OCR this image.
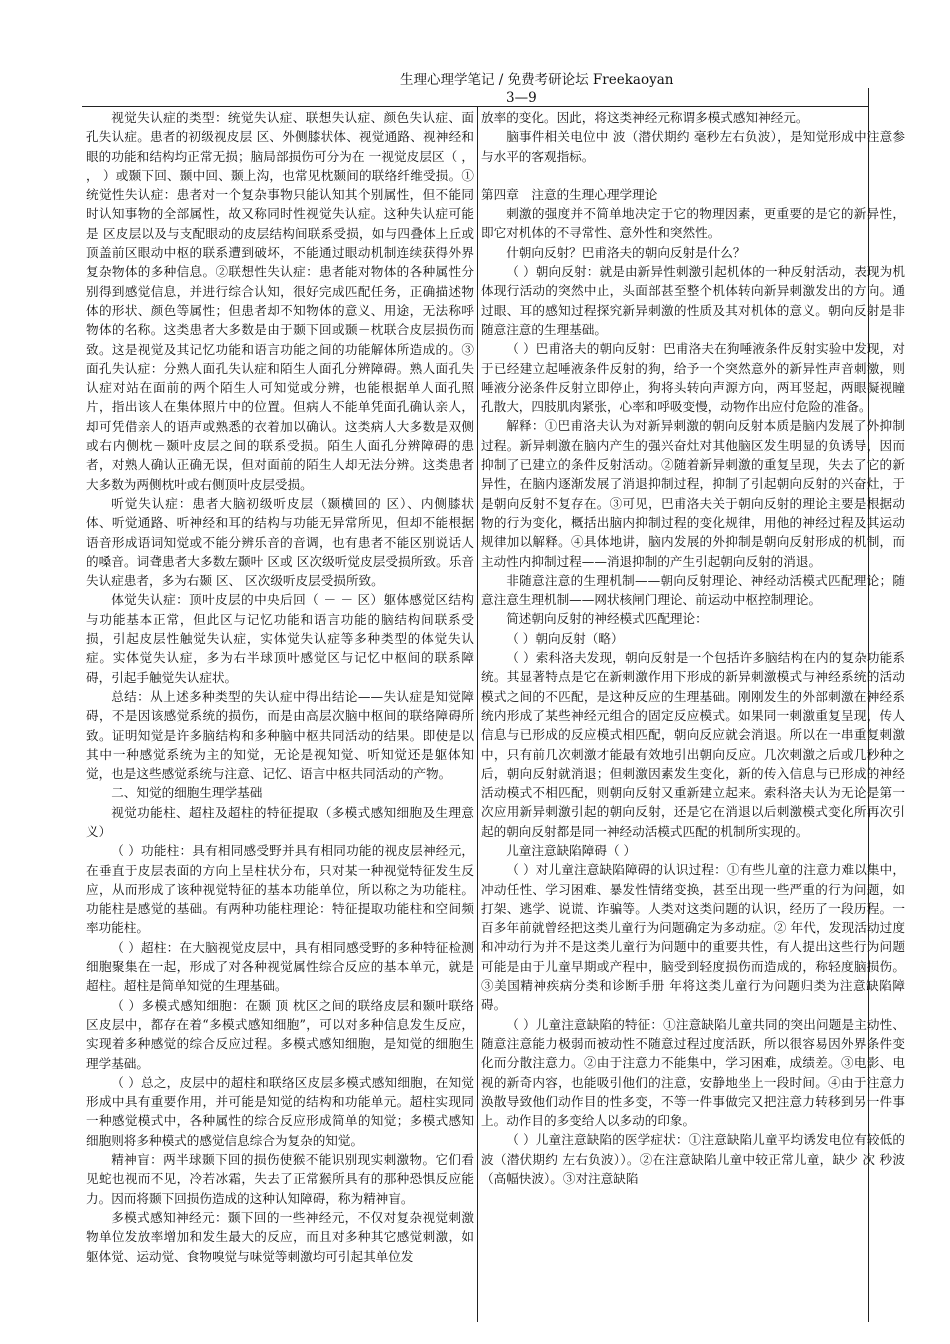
生理心理学笔记 / 免费考研论坛 Freekaoyan
3—9

视觉失认症的类型：统觉失认症、联想失认症、颜色失认症、面孔失认症。患者的初级视皮层 区、外侧膝状体、视觉通路、视神经和眼的功能和结构均正常无损；脑局部损伤可分为在 一视觉皮层区（ ， ， ）或颞下回、颞中回、颞上沟，也常见枕颞间的联络纤维受损。①统觉性失认症：患者对一个复杂事物只能认知其个别属性，但不能同时认知事物的全部属性，故又称同时性视觉失认症。这种失认症可能是 区皮层以及与支配眼动的皮层结构间联系受损，如与四叠体上丘或顶盖前区眼动中枢的联系遭到破坏，不能通过眼动机制连续获得外界复杂物体的多种信息。②联想性失认症：患者能对物体的各种属性分别得到感觉信息，并进行综合认知，很好完成匹配任务，正确描述物体的形状、颜色等属性；但患者却不知物体的意义、用途，无法称呼物体的名称。这类患者大多数是由于颞下回或颞－枕联合皮层损伤而致。这是视觉及其记忆功能和语言功能之间的功能解体所造成的。③面孔失认症：分熟人面孔失认症和陌生人面孔分辨障碍。熟人面孔失认症对站在面前的两个陌生人可知觉或分辨，也能根据单人面孔照片，指出该人在集体照片中的位置。但病人不能单凭面孔确认亲人，却可凭借亲人的语声或熟悉的衣着加以确认。这类病人大多数是双侧或右内侧枕－颞叶皮层之间的联系受损。陌生人面孔分辨障碍的患者，对熟人确认正确无误，但对面前的陌生人却无法分辨。这类患者大多数为两侧枕叶或右侧顶叶皮层受损。

听觉失认症：患者大脑初级听皮层（颞横回的 区）、内侧膝状体、听觉通路、听神经和耳的结构与功能无异常所见，但却不能根据语音形成语词知觉或不能分辨乐音的音调，也有患者不能区别说话人的嗓音。词聋患者大多数左颞叶 区或 区次级听觉皮层受损所致。乐音失认症患者，多为右颞 区、 区次级听皮层受损所致。

体觉失认症：顶叶皮层的中央后回（ － － 区）躯体感觉区结构与功能基本正常，但此区与记忆功能和语言功能的脑结构间联系受损，引起皮层性触觉失认症，实体觉失认症等多种类型的体觉失认症。实体觉失认症，多为右半球顶叶感觉区与记忆中枢间的联系障碍，引起手触觉失认症状。

总结：从上述多种类型的失认症中得出结论——失认症是知觉障碍，不是因该感觉系统的损伤，而是由高层次脑中枢间的联络障碍所致。证明知觉是许多脑结构和多种脑中枢共同活动的结果。即使是以其中一种感觉系统为主的知觉，无论是视知觉、听知觉还是躯体知觉，也是这些感觉系统与注意、记忆、语言中枢共同活动的产物。

二、知觉的细胞生理学基础

视觉功能柱、超柱及超柱的特征提取（多模式感知细胞及生理意义）

（ ）功能柱：具有相同感受野并具有相同功能的视皮层神经元，在垂直于皮层表面的方向上呈柱状分布，只对某一种视觉特征发生反应，从而形成了该种视觉特征的基本功能单位，所以称之为功能柱。功能柱是感觉的基础。有两种功能柱理论：特征提取功能柱和空间频率功能柱。

（ ）超柱：在大脑视觉皮层中，具有相同感受野的多种特征检测细胞聚集在一起，形成了对各种视觉属性综合反应的基本单元，就是超柱。超柱是简单知觉的生理基础。

（ ）多模式感知细胞：在颞 顶 枕区之间的联络皮层和颞叶联络区皮层中，都存在着“多模式感知细胞”，可以对多种信息发生反应，实现着多种感觉的综合反应过程。多模式感知细胞，是知觉的细胞生理学基础。

（ ）总之，皮层中的超柱和联络区皮层多模式感知细胞，在知觉形成中具有重要作用，并可能是知觉的结构和功能单元。超柱实现同一种感觉模式中，各种属性的综合反应形成简单的知觉；多模式感知细胞则将多种模式的感觉信息综合为复杂的知觉。

精神盲：两半球颞下回的损伤使猴不能识别现实刺激物。它们看见蛇也视而不见，冷若冰霜，失去了正常猴所具有的那种恐惧反应能力。因而将颞下回损伤造成的这种认知障碍，称为精神盲。

多模式感知神经元：颞下回的一些神经元，不仅对复杂视觉刺激物单位发放率增加和发生最大的反应，而且对多种其它感觉刺激，如躯体觉、运动觉、食物嗅觉与味觉等刺激均可引起其单位发

放率的变化。因此，将这类神经元称谓多模式感知神经元。

脑事件相关电位中 波（潜伏期约 毫秒左右负波），是知觉形成中注意参与水平的客观指标。

第四章　注意的生理心理学理论

刺激的强度并不简单地决定于它的物理因素，更重要的是它的新异性，即它对机体的不寻常性、意外性和突然性。

什朝向反射？巴甫洛夫的朝向反射是什么？

（ ）朝向反射：就是由新异性刺激引起机体的一种反射活动，表现为机体现行活动的突然中止，头面部甚至整个机体转向新异刺激发出的方向。通过眼、耳的感知过程探究新异刺激的性质及其对机体的意义。朝向反射是非随意注意的生理基础。

（ ）巴甫洛夫的朝向反射：巴甫洛夫在狗唾液条件反射实验中发现，对于已经建立起唾液条件反射的狗，给予一个突然意外的新异性声音刺激，则唾液分泌条件反射立即停止，狗将头转向声源方向，两耳竖起，两眼凝视瞳孔散大，四肢肌肉紧张，心率和呼吸变慢，动物作出应付危险的准备。

解释：①巴甫洛夫认为对新异刺激的朝向反射本质是脑内发展了外抑制过程。新异刺激在脑内产生的强兴奋灶对其他脑区发生明显的负诱导，因而抑制了已建立的条件反射活动。②随着新异刺激的重复呈现，失去了它的新异性，在脑内逐渐发展了消退抑制过程，抑制了引起朝向反射的兴奋灶，于是朝向反射不复存在。③可见，巴甫洛夫关于朝向反射的理论主要是根据动物的行为变化，概括出脑内抑制过程的变化规律，用他的神经过程及其运动规律加以解释。④具体地讲，脑内发展的外抑制是朝向反射形成的机制，而主动性内抑制过程——消退抑制的产生引起朝向反射的消退。

非随意注意的生理机制——朝向反射理论、神经动活模式匹配理论；随意注意生理机制——网状核闸门理论、前运动中枢控制理论。

简述朝向反射的神经模式匹配理论：

（ ）朝向反射（略）

（ ）索科洛夫发现，朝向反射是一个包括许多脑结构在内的复杂功能系统。其显著特点是它在新刺激作用下形成的新异刺激模式与神经系统的活动模式之间的不匹配，是这种反应的生理基础。刚刚发生的外部刺激在神经系统内形成了某些神经元组合的固定反应模式。如果同一刺激重复呈现，传人信息与已形成的反应模式相匹配，朝向反应就会消退。所以在一串重复刺激中，只有前几次刺激才能最有效地引出朝向反应。几次刺激之后或几秒种之后，朝向反射就消退；但刺激因素发生变化，新的传入信息与已形成的神经活动模式不相匹配，则朝向反射又重新建立起来。索科洛夫认为无论是第一次应用新异刺激引起的朝向反射，还是它在消退以后刺激模式变化所再次引起的朝向反射都是同一神经动活模式匹配的机制所实现的。

儿童注意缺陷障碍（ ）

（ ）对儿童注意缺陷障碍的认识过程：①有些儿童的注意力难以集中，冲动任性、学习困难、暴发性情绪变换，甚至出现一些严重的行为问题，如打架、逃学、说谎、诈骗等。人类对这类问题的认识，经历了一段历程。一百多年前就曾经把这类儿童行为问题确定为多动症。② 年代，发现活动过度和冲动行为并不是这类儿童行为问题中的重要共性，有人提出这些行为问题可能是由于儿童早期或产程中，脑受到轻度损伤而造成的，称轻度脑损伤。③美国精神疾病分类和诊断手册 年将这类儿童行为问题归类为注意缺陷障碍。

（ ）儿童注意缺陷的特征：①注意缺陷儿童共同的突出问题是主动性、随意注意能力极弱而被动性不随意过程过度活跃，所以很容易因外界条件变化而分散注意力。②由于注意力不能集中，学习困难，成绩差。③电影、电视的新奇内容，也能吸引他们的注意，安静地坐上一段时间。④由于注意力涣散导致他们动作目的性多变，不等一件事做完又把注意力转移到另一件事上。动作目的多变给人以多动的印象。

（ ）儿童注意缺陷的医学症状：①注意缺陷儿童平均诱发电位有较低的 波（潜伏期约 左右负波））。②在注意缺陷儿童中较正常儿童，缺少 次 秒波（高幅快波）。③对注意缺陷
